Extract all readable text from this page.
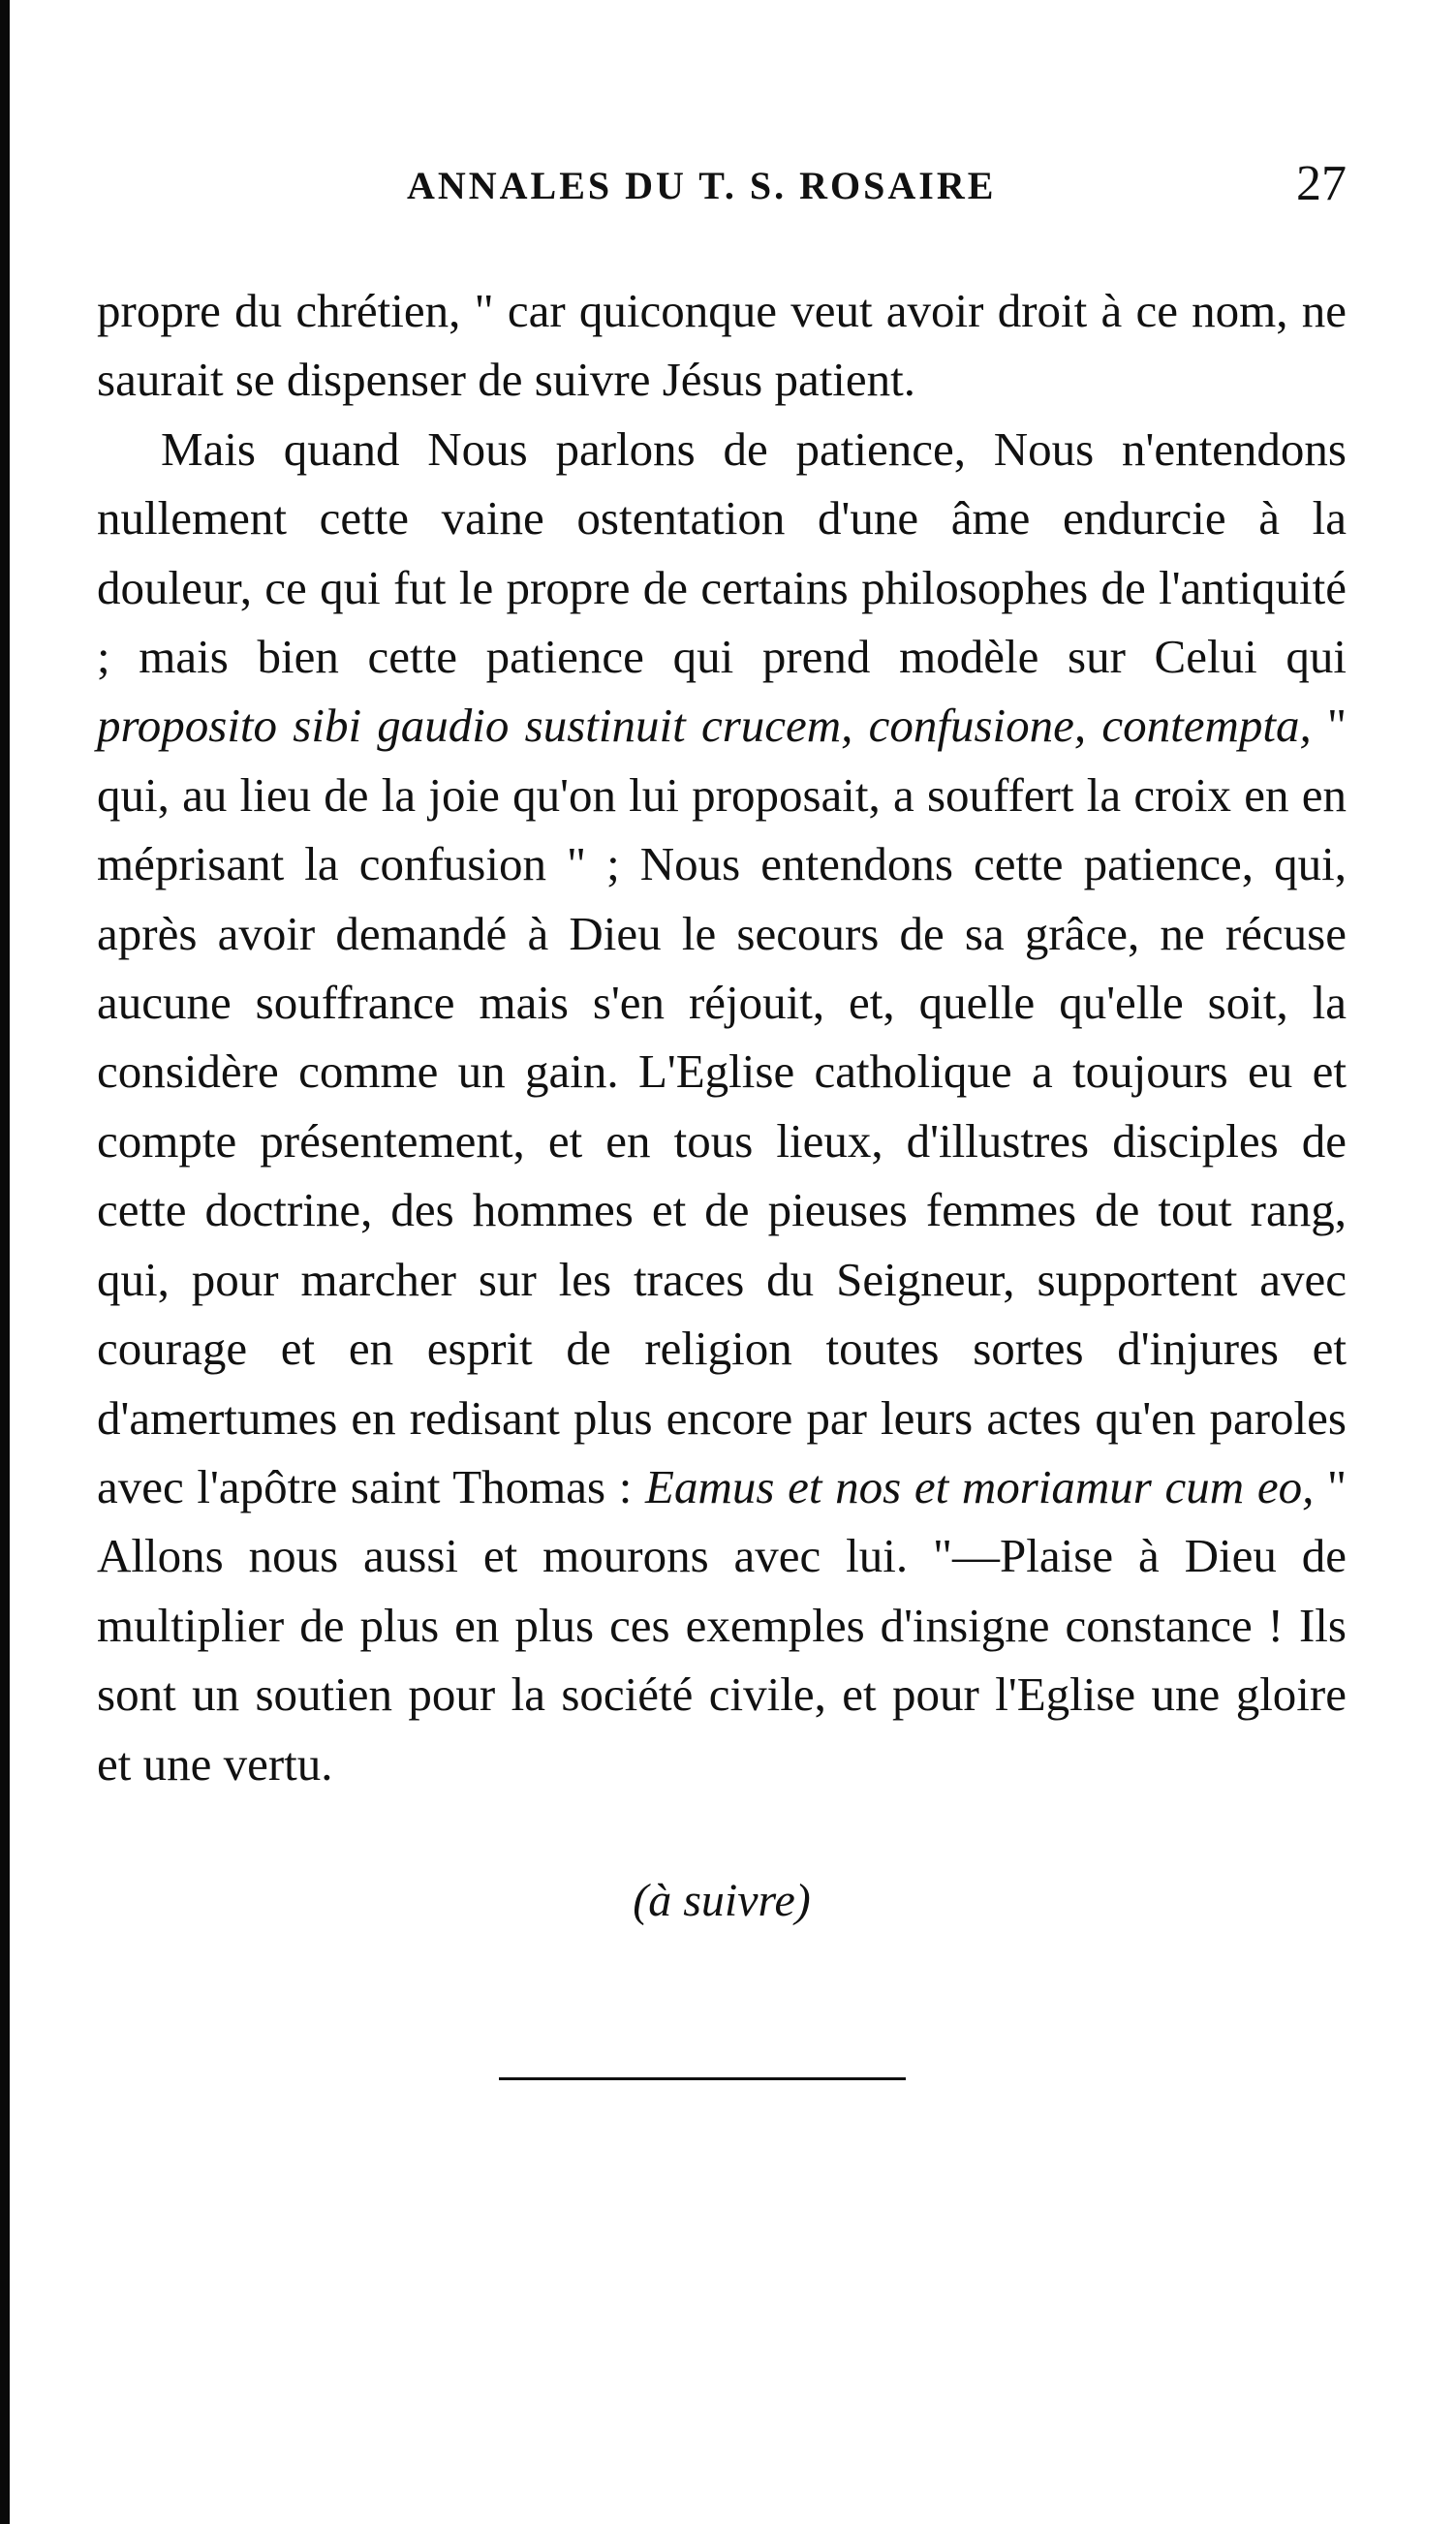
ANNALES DU T. S. ROSAIRE	27

propre du chrétien, " car quiconque veut avoir droit à ce nom, ne saurait se dispenser de suivre Jésus patient.

Mais quand Nous parlons de patience, Nous n'entendons nullement cette vaine ostentation d'une âme endurcie à la douleur, ce qui fut le propre de certains philosophes de l'antiquité ; mais bien cette patience qui prend modèle sur Celui qui proposito sibi gaudio sustinuit crucem, confusione, contempta, " qui, au lieu de la joie qu'on lui proposait, a souffert la croix en en méprisant la confusion " ; Nous entendons cette patience, qui, après avoir demandé à Dieu le secours de sa grâce, ne récuse aucune souffrance mais s'en réjouit, et, quelle qu'elle soit, la considère comme un gain. L'Eglise catholique a toujours eu et compte présentement, et en tous lieux, d'illustres disciples de cette doctrine, des hommes et de pieuses femmes de tout rang, qui, pour marcher sur les traces du Seigneur, supportent avec courage et en esprit de religion toutes sortes d'injures et d'amertumes en redisant plus encore par leurs actes qu'en paroles avec l'apôtre saint Thomas : Eamus et nos et moriamur cum eo, " Allons nous aussi et mourons avec lui. "—Plaise à Dieu de multiplier de plus en plus ces exemples d'insigne constance ! Ils sont un soutien pour la société civile, et pour l'Eglise une gloire et une vertu.

(à suivre)
